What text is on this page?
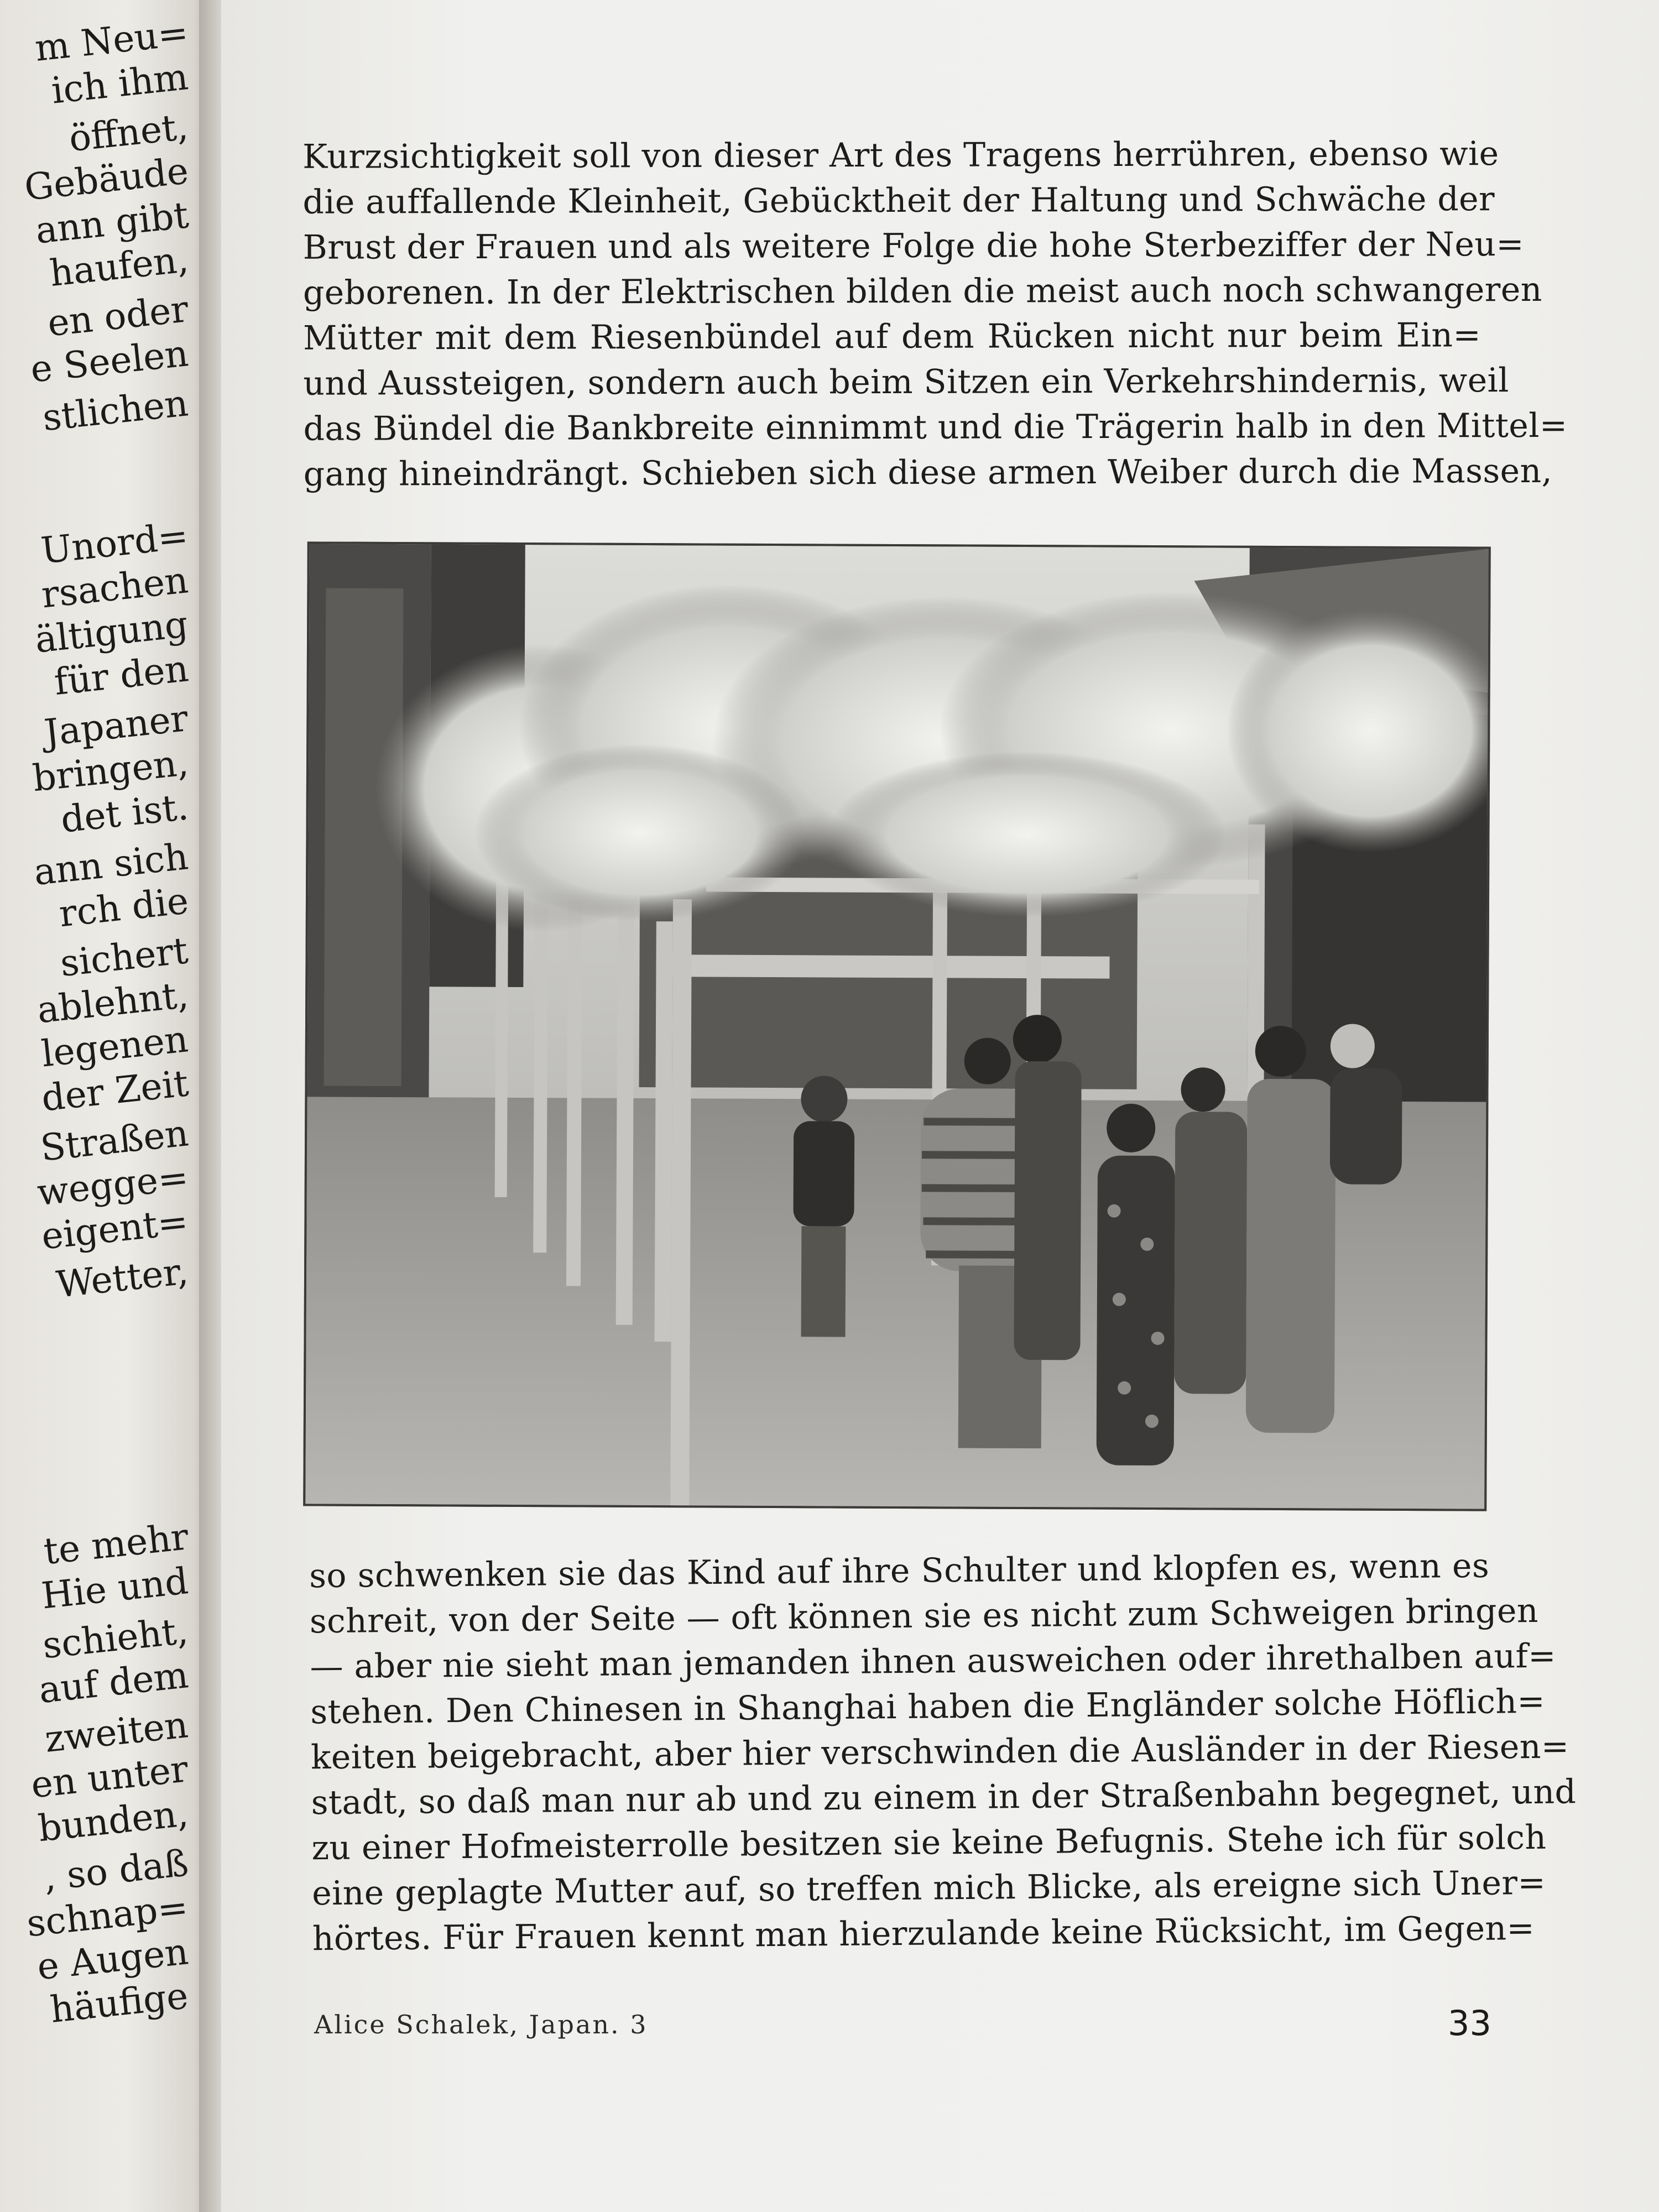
m Neu=
ich ihm
öffnet,
Gebäude
ann gibt
haufen,
en oder
e Seelen
stlichen
Unord=
rsachen
ältigung
für den
Japaner
bringen,
det ist.
ann sich
rch die
sichert
ablehnt,
legenen
der Zeit
Straßen
wegge=
eigent=
Wetter,
te mehr
Hie und
schieht,
auf dem
zweiten
en unter
bunden,
, so daß
schnap=
e Augen
häufige
Kurzsichtigkeit soll von dieser Art des Tragens herrühren, ebenso wie
die auffallende Kleinheit, Gebücktheit der Haltung und Schwäche der
Brust der Frauen und als weitere Folge die hohe Sterbeziffer der Neu=
geborenen. In der Elektrischen bilden die meist auch noch schwangeren
Mütter mit dem Riesenbündel auf dem Rücken nicht nur beim Ein=
und Aussteigen, sondern auch beim Sitzen ein Verkehrshindernis, weil
das Bündel die Bankbreite einnimmt und die Trägerin halb in den Mittel=
gang hineindrängt. Schieben sich diese armen Weiber durch die Massen,
so schwenken sie das Kind auf ihre Schulter und klopfen es, wenn es
schreit, von der Seite — oft können sie es nicht zum Schweigen bringen
— aber nie sieht man jemanden ihnen ausweichen oder ihrethalben auf=
stehen. Den Chinesen in Shanghai haben die Engländer solche Höflich=
keiten beigebracht, aber hier verschwinden die Ausländer in der Riesen=
stadt, so daß man nur ab und zu einem in der Straßenbahn begegnet, und
zu einer Hofmeisterrolle besitzen sie keine Befugnis. Stehe ich für solch
eine geplagte Mutter auf, so treffen mich Blicke, als ereigne sich Uner=
hörtes. Für Frauen kennt man hierzulande keine Rücksicht, im Gegen=
Alice Schalek, Japan. 3	33
